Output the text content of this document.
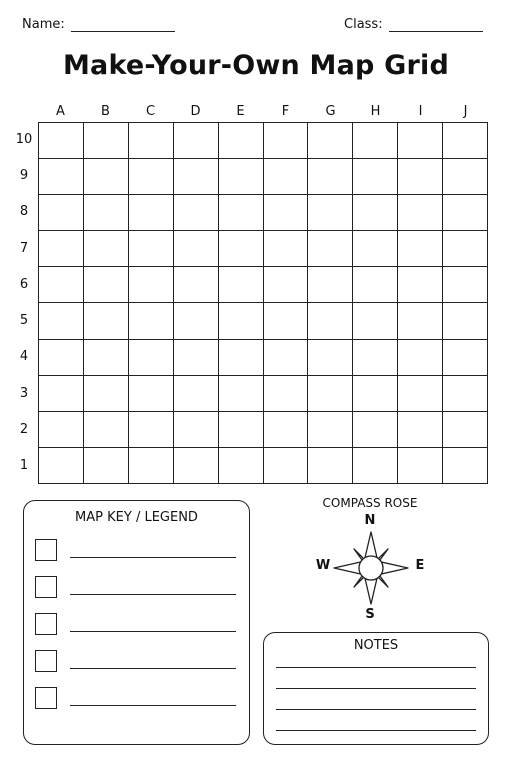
Name:	Class:
Make-Your-Own Map Grid
A	B	C	D	E	F	G	H	I	J
10
9
8
7
6
5
4
3
2
1
MAP KEY / LEGEND
COMPASS ROSE
N
S
E
W
NOTES
